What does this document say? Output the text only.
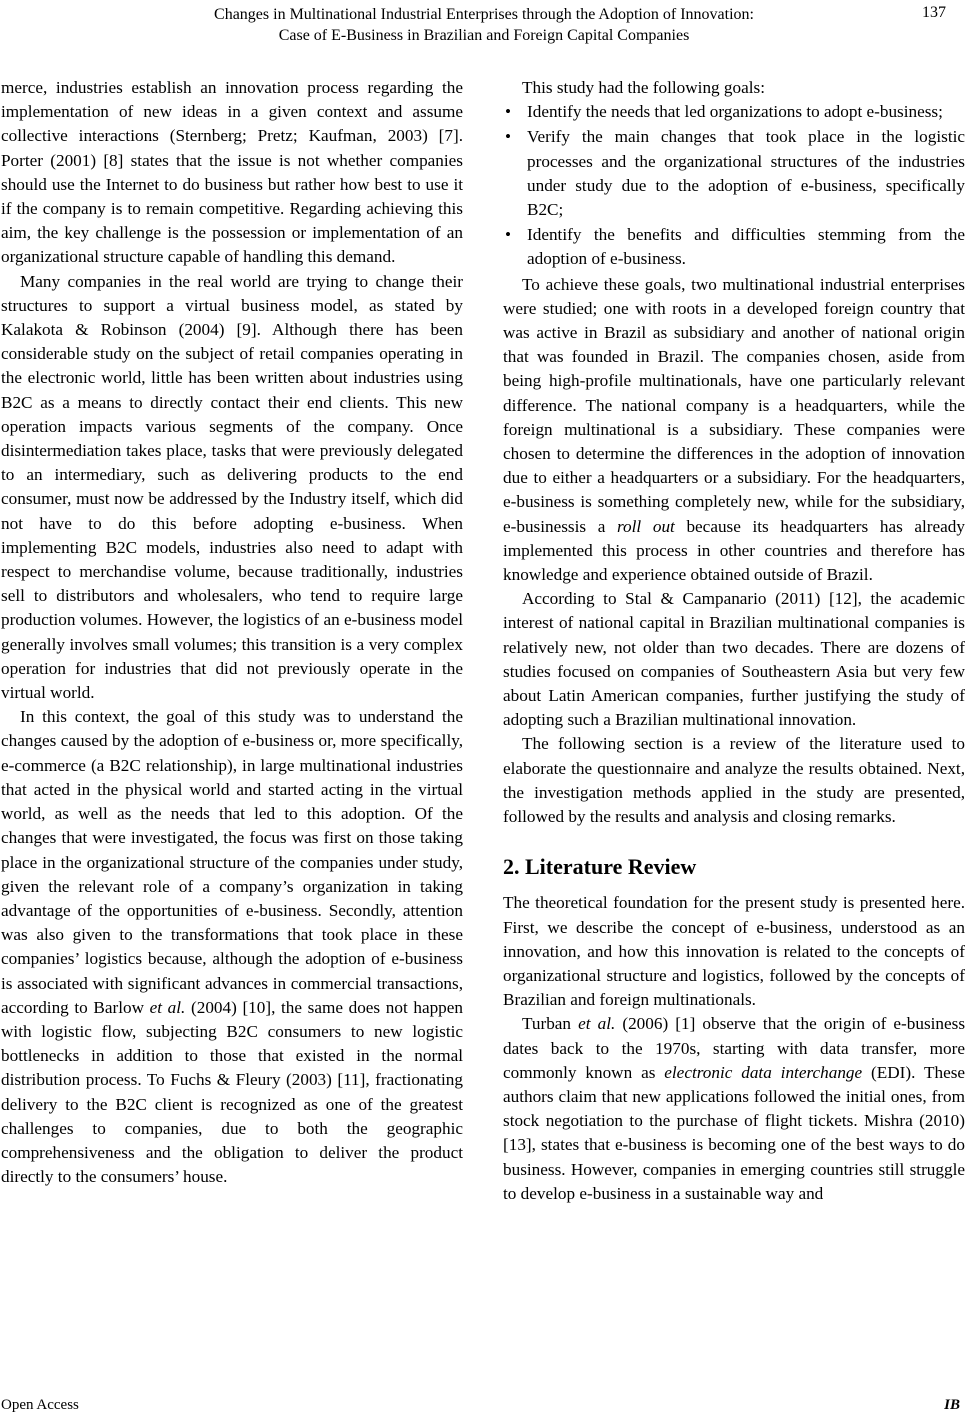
Changes in Multinational Industrial Enterprises through the Adoption of Innovation:
Case of E-Business in Brazilian and Foreign Capital Companies
137

merce, industries establish an innovation process regarding the implementation of new ideas in a given context and assume collective interactions (Sternberg; Pretz; Kaufman, 2003) [7]. Porter (2001) [8] states that the issue is not whether companies should use the Internet to do business but rather how best to use it if the company is to remain competitive. Regarding achieving this aim, the key challenge is the possession or implementation of an organizational structure capable of handling this demand.

Many companies in the real world are trying to change their structures to support a virtual business model, as stated by Kalakota & Robinson (2004) [9]. Although there has been considerable study on the subject of retail companies operating in the electronic world, little has been written about industries using B2C as a means to directly contact their end clients. This new operation impacts various segments of the company. Once disintermediation takes place, tasks that were previously delegated to an intermediary, such as delivering products to the end consumer, must now be addressed by the Industry itself, which did not have to do this before adopting e-business. When implementing B2C models, industries also need to adapt with respect to merchandise volume, because traditionally, industries sell to distributors and wholesalers, who tend to require large production volumes. However, the logistics of an e-business model generally involves small volumes; this transition is a very complex operation for industries that did not previously operate in the virtual world.

In this context, the goal of this study was to understand the changes caused by the adoption of e-business or, more specifically, e-commerce (a B2C relationship), in large multinational industries that acted in the physical world and started acting in the virtual world, as well as the needs that led to this adoption. Of the changes that were investigated, the focus was first on those taking place in the organizational structure of the companies under study, given the relevant role of a company’s organization in taking advantage of the opportunities of e-business. Secondly, attention was also given to the transformations that took place in these companies’ logistics because, although the adoption of e-business is associated with significant advances in commercial transactions, according to Barlow et al. (2004) [10], the same does not happen with logistic flow, subjecting B2C consumers to new logistic bottlenecks in addition to those that existed in the normal distribution process. To Fuchs & Fleury (2003) [11], fractionating delivery to the B2C client is recognized as one of the greatest challenges to companies, due to both the geographic comprehensiveness and the obligation to deliver the product directly to the consumers’ house.

This study had the following goals:

• Identify the needs that led organizations to adopt e-business;
• Verify the main changes that took place in the logistic processes and the organizational structures of the industries under study due to the adoption of e-business, specifically B2C;
• Identify the benefits and difficulties stemming from the adoption of e-business.

To achieve these goals, two multinational industrial enterprises were studied; one with roots in a developed foreign country that was active in Brazil as subsidiary and another of national origin that was founded in Brazil. The companies chosen, aside from being high-profile multinationals, have one particularly relevant difference. The national company is a headquarters, while the foreign multinational is a subsidiary. These companies were chosen to determine the differences in the adoption of innovation due to either a headquarters or a subsidiary. For the headquarters, e-business is something completely new, while for the subsidiary, e-businessis a roll out because its headquarters has already implemented this process in other countries and therefore has knowledge and experience obtained outside of Brazil.

According to Stal & Campanario (2011) [12], the academic interest of national capital in Brazilian multinational companies is relatively new, not older than two decades. There are dozens of studies focused on companies of Southeastern Asia but very few about Latin American companies, further justifying the study of adopting such a Brazilian multinational innovation.

The following section is a review of the literature used to elaborate the questionnaire and analyze the results obtained. Next, the investigation methods applied in the study are presented, followed by the results and analysis and closing remarks.

2. Literature Review

The theoretical foundation for the present study is presented here. First, we describe the concept of e-business, understood as an innovation, and how this innovation is related to the concepts of organizational structure and logistics, followed by the concepts of Brazilian and foreign multinationals.

Turban et al. (2006) [1] observe that the origin of e-business dates back to the 1970s, starting with data transfer, more commonly known as electronic data interchange (EDI). These authors claim that new applications followed the initial ones, from stock negotiation to the purchase of flight tickets. Mishra (2010) [13], states that e-business is becoming one of the best ways to do business. However, companies in emerging countries still struggle to develop e-business in a sustainable way and

Open Access	IB
